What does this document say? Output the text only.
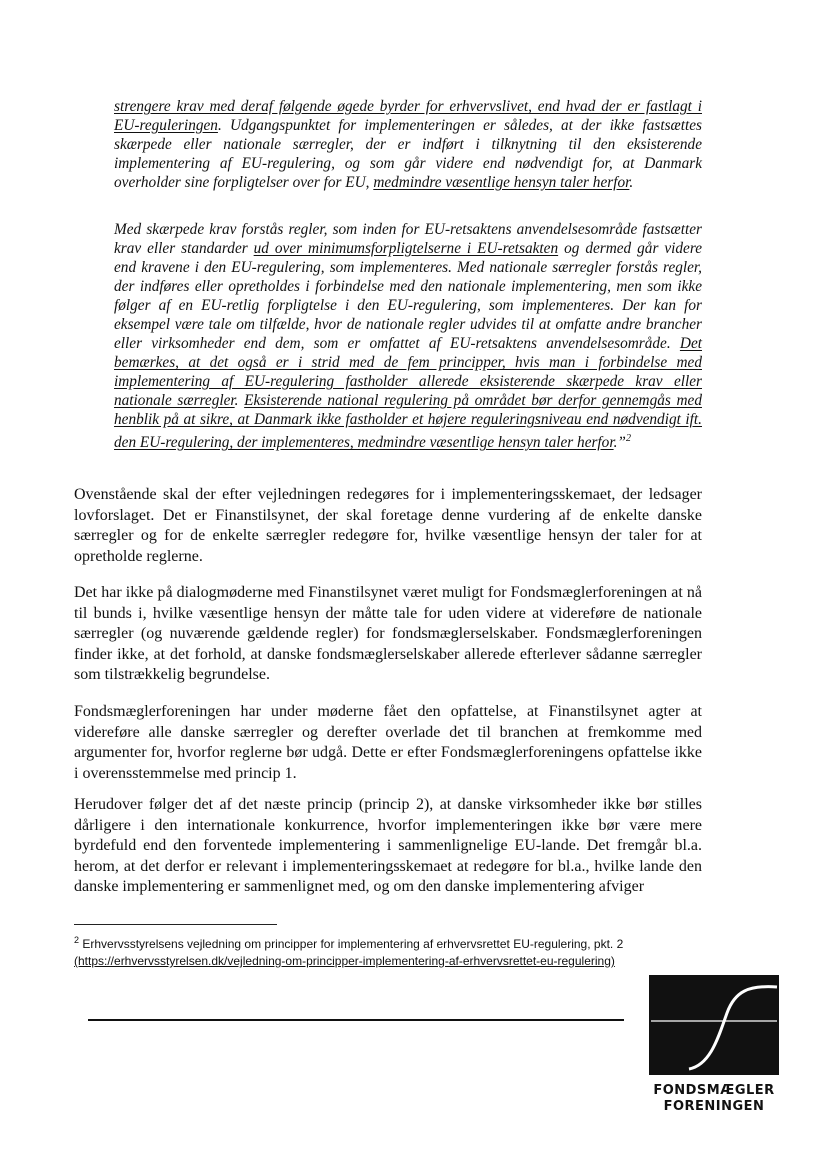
strengere krav med deraf følgende øgede byrder for erhvervslivet, end hvad der er fastlagt i EU-reguleringen. Udgangspunktet for implementeringen er således, at der ikke fastsættes skærpede eller nationale særregler, der er indført i tilknytning til den eksisterende implementering af EU-regulering, og som går videre end nødvendigt for, at Danmark overholder sine forpligtelser over for EU, medmindre væsentlige hensyn taler herfor.

Med skærpede krav forstås regler, som inden for EU-retsaktens anvendelsesområde fastsætter krav eller standarder ud over minimumsforpligtelserne i EU-retsakten og dermed går videre end kravene i den EU-regulering, som implementeres. Med nationale særregler forstås regler, der indføres eller opretholdes i forbindelse med den nationale implementering, men som ikke følger af en EU-retlig forpligtelse i den EU-regulering, som implementeres. Der kan for eksempel være tale om tilfælde, hvor de nationale regler udvides til at omfatte andre brancher eller virksomheder end dem, som er omfattet af EU-retsaktens anvendelsesområde. Det bemærkes, at det også er i strid med de fem principper, hvis man i forbindelse med implementering af EU-regulering fastholder allerede eksisterende skærpede krav eller nationale særregler. Eksisterende national regulering på området bør derfor gennemgås med henblik på at sikre, at Danmark ikke fastholder et højere reguleringsniveau end nødvendigt ift. den EU-regulering, der implementeres, medmindre væsentlige hensyn taler herfor.”$^2$

Ovenstående skal der efter vejledningen redegøres for i implementeringsskemaet, der ledsager lovforslaget. Det er Finanstilsynet, der skal foretage denne vurdering af de enkelte danske særregler og for de enkelte særregler redegøre for, hvilke væsentlige hensyn der taler for at opretholde reglerne.

Det har ikke på dialogmøderne med Finanstilsynet været muligt for Fondsmæglerforeningen at nå til bunds i, hvilke væsentlige hensyn der måtte tale for uden videre at videreføre de nationale særregler (og nuværende gældende regler) for fondsmæglerselskaber. Fondsmæglerforeningen finder ikke, at det forhold, at danske fondsmæglerselskaber allerede efterlever sådanne særregler som tilstrækkelig begrundelse.

Fondsmæglerforeningen har under møderne fået den opfattelse, at Finanstilsynet agter at videreføre alle danske særregler og derefter overlade det til branchen at fremkomme med argumenter for, hvorfor reglerne bør udgå. Dette er efter Fondsmæglerforeningens opfattelse ikke i overensstemmelse med princip 1.

Herudover følger det af det næste princip (princip 2), at danske virksomheder ikke bør stilles dårligere i den internationale konkurrence, hvorfor implementeringen ikke bør være mere byrdefuld end den forventede implementering i sammenlignelige EU-lande. Det fremgår bl.a. herom, at det derfor er relevant i implementeringsskemaet at redegøre for bl.a., hvilke lande den danske implementering er sammenlignet med, og om den danske implementering afviger

$^2$ Erhvervsstyrelsens vejledning om principper for implementering af erhvervsrettet EU-regulering, pkt. 2
(https://erhvervsstyrelsen.dk/vejledning-om-principper-implementering-af-erhvervsrettet-eu-regulering)

FONDSMÆGLER

FORENINGEN
